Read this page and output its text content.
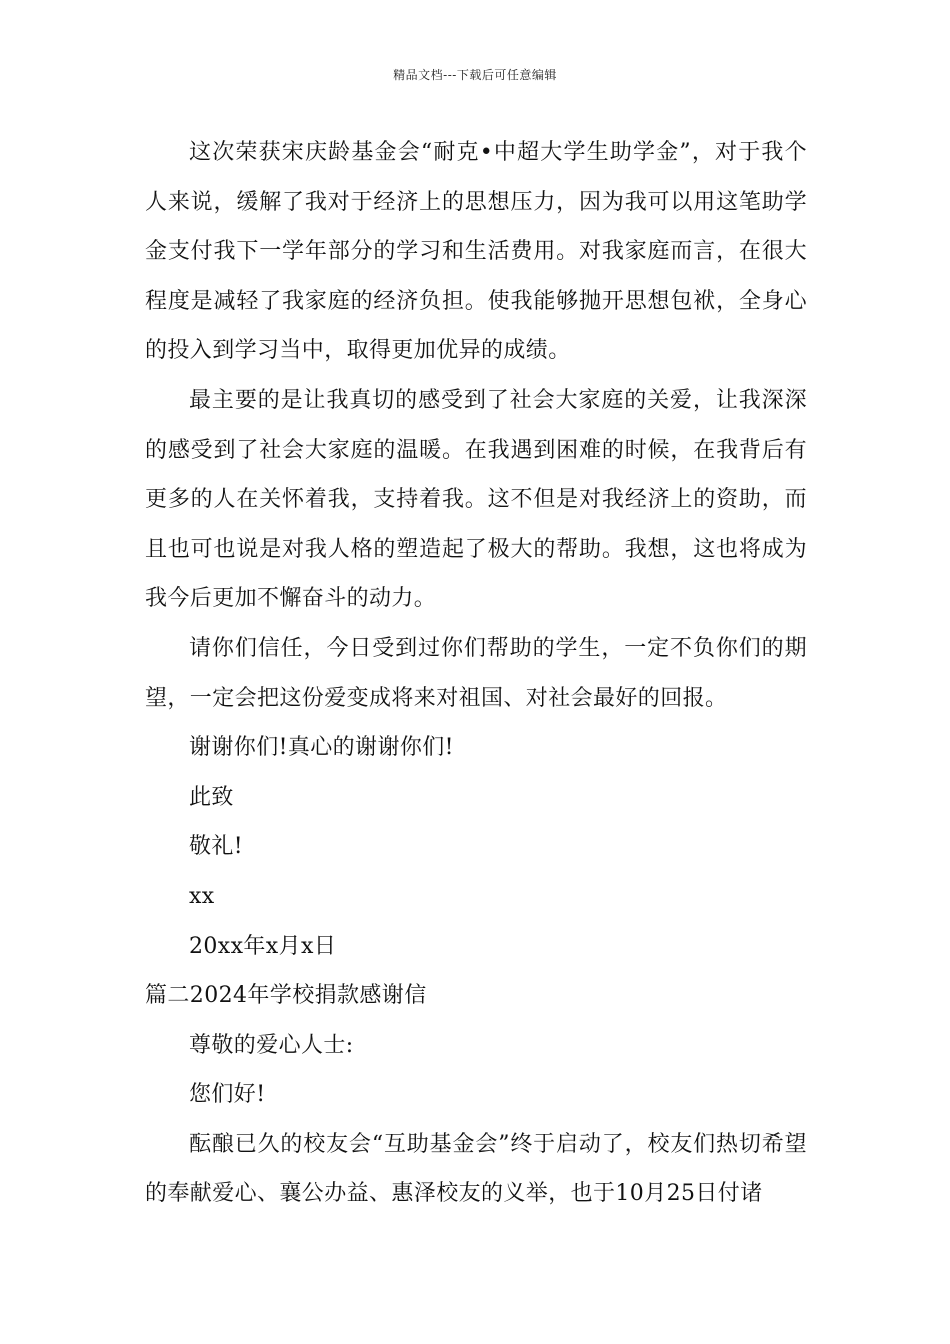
精品文档---下载后可任意编辑

这次荣获宋庆龄基金会“耐克•中超大学生助学金”，对于我个人来说，缓解了我对于经济上的思想压力，因为我可以用这笔助学金支付我下一学年部分的学习和生活费用。对我家庭而言，在很大程度是减轻了我家庭的经济负担。使我能够抛开思想包袱，全身心的投入到学习当中，取得更加优异的成绩。

最主要的是让我真切的感受到了社会大家庭的关爱，让我深深的感受到了社会大家庭的温暖。在我遇到困难的时候，在我背后有更多的人在关怀着我，支持着我。这不但是对我经济上的资助，而且也可也说是对我人格的塑造起了极大的帮助。我想，这也将成为我今后更加不懈奋斗的动力。

请你们信任，今日受到过你们帮助的学生，一定不负你们的期望，一定会把这份爱变成将来对祖国、对社会最好的回报。

谢谢你们!真心的谢谢你们!

此致

敬礼!

xx

20xx年x月x日

篇二2024年学校捐款感谢信

尊敬的爱心人士:

您们好!

酝酿已久的校友会“互助基金会”终于启动了，校友们热切希望的奉献爱心、襄公办益、惠泽校友的义举，也于10月25日付诸
